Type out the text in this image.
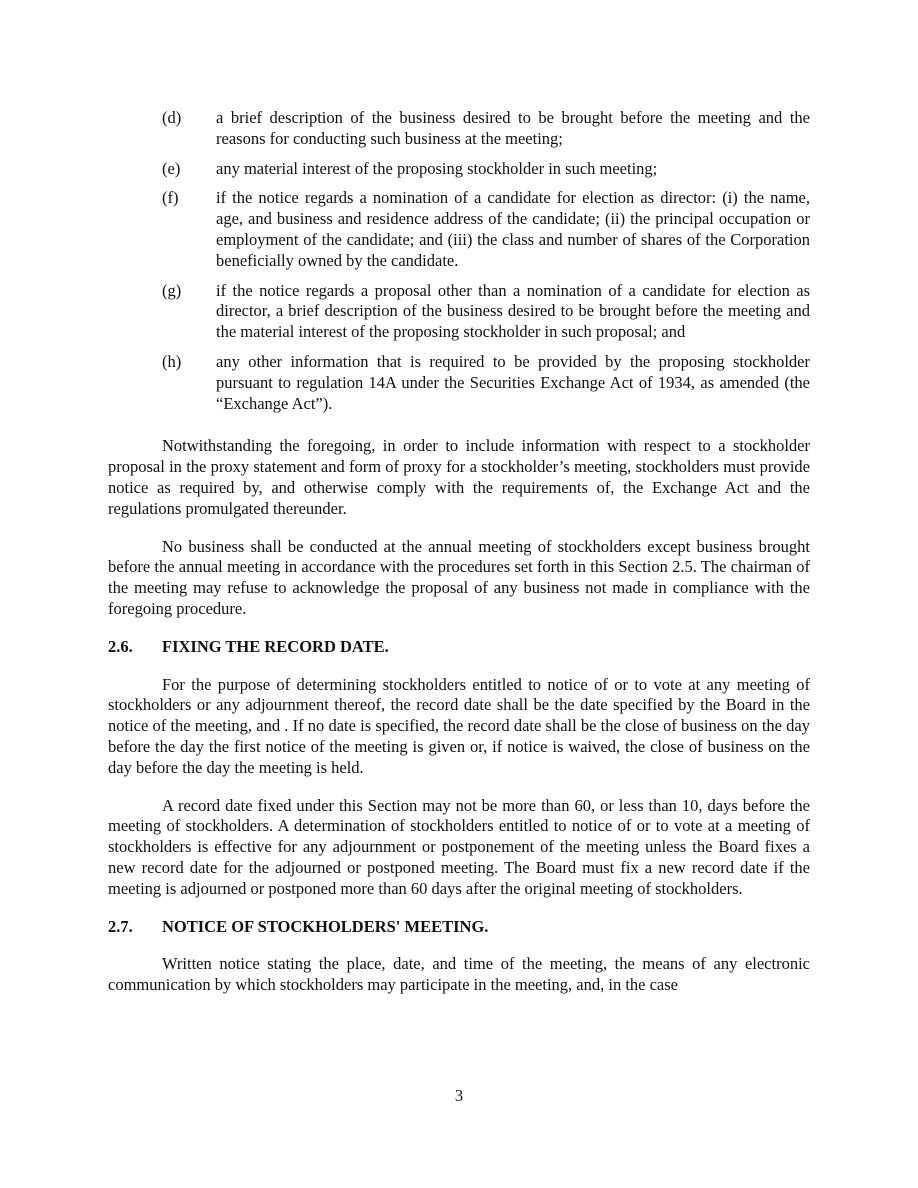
(d)	a brief description of the business desired to be brought before the meeting and the reasons for conducting such business at the meeting;
(e)	any material interest of the proposing stockholder in such meeting;
(f)	if the notice regards a nomination of a candidate for election as director: (i) the name, age, and business and residence address of the candidate; (ii) the principal occupation or employment of the candidate; and (iii) the class and number of shares of the Corporation beneficially owned by the candidate.
(g)	if the notice regards a proposal other than a nomination of a candidate for election as director, a brief description of the business desired to be brought before the meeting and the material interest of the proposing stockholder in such proposal; and
(h)	any other information that is required to be provided by the proposing stockholder pursuant to regulation 14A under the Securities Exchange Act of 1934, as amended (the “Exchange Act”).

Notwithstanding the foregoing, in order to include information with respect to a stockholder proposal in the proxy statement and form of proxy for a stockholder’s meeting, stockholders must provide notice as required by, and otherwise comply with the requirements of, the Exchange Act and the regulations promulgated thereunder.

No business shall be conducted at the annual meeting of stockholders except business brought before the annual meeting in accordance with the procedures set forth in this Section 2.5. The chairman of the meeting may refuse to acknowledge the proposal of any business not made in compliance with the foregoing procedure.

2.6.	FIXING THE RECORD DATE.

For the purpose of determining stockholders entitled to notice of or to vote at any meeting of stockholders or any adjournment thereof, the record date shall be the date specified by the Board in the notice of the meeting, and . If no date is specified, the record date shall be the close of business on the day before the day the first notice of the meeting is given or, if notice is waived, the close of business on the day before the day the meeting is held.

A record date fixed under this Section may not be more than 60, or less than 10, days before the meeting of stockholders. A determination of stockholders entitled to notice of or to vote at a meeting of stockholders is effective for any adjournment or postponement of the meeting unless the Board fixes a new record date for the adjourned or postponed meeting. The Board must fix a new record date if the meeting is adjourned or postponed more than 60 days after the original meeting of stockholders.

2.7.	NOTICE OF STOCKHOLDERS' MEETING.

Written notice stating the place, date, and time of the meeting, the means of any electronic communication by which stockholders may participate in the meeting, and, in the case

3
